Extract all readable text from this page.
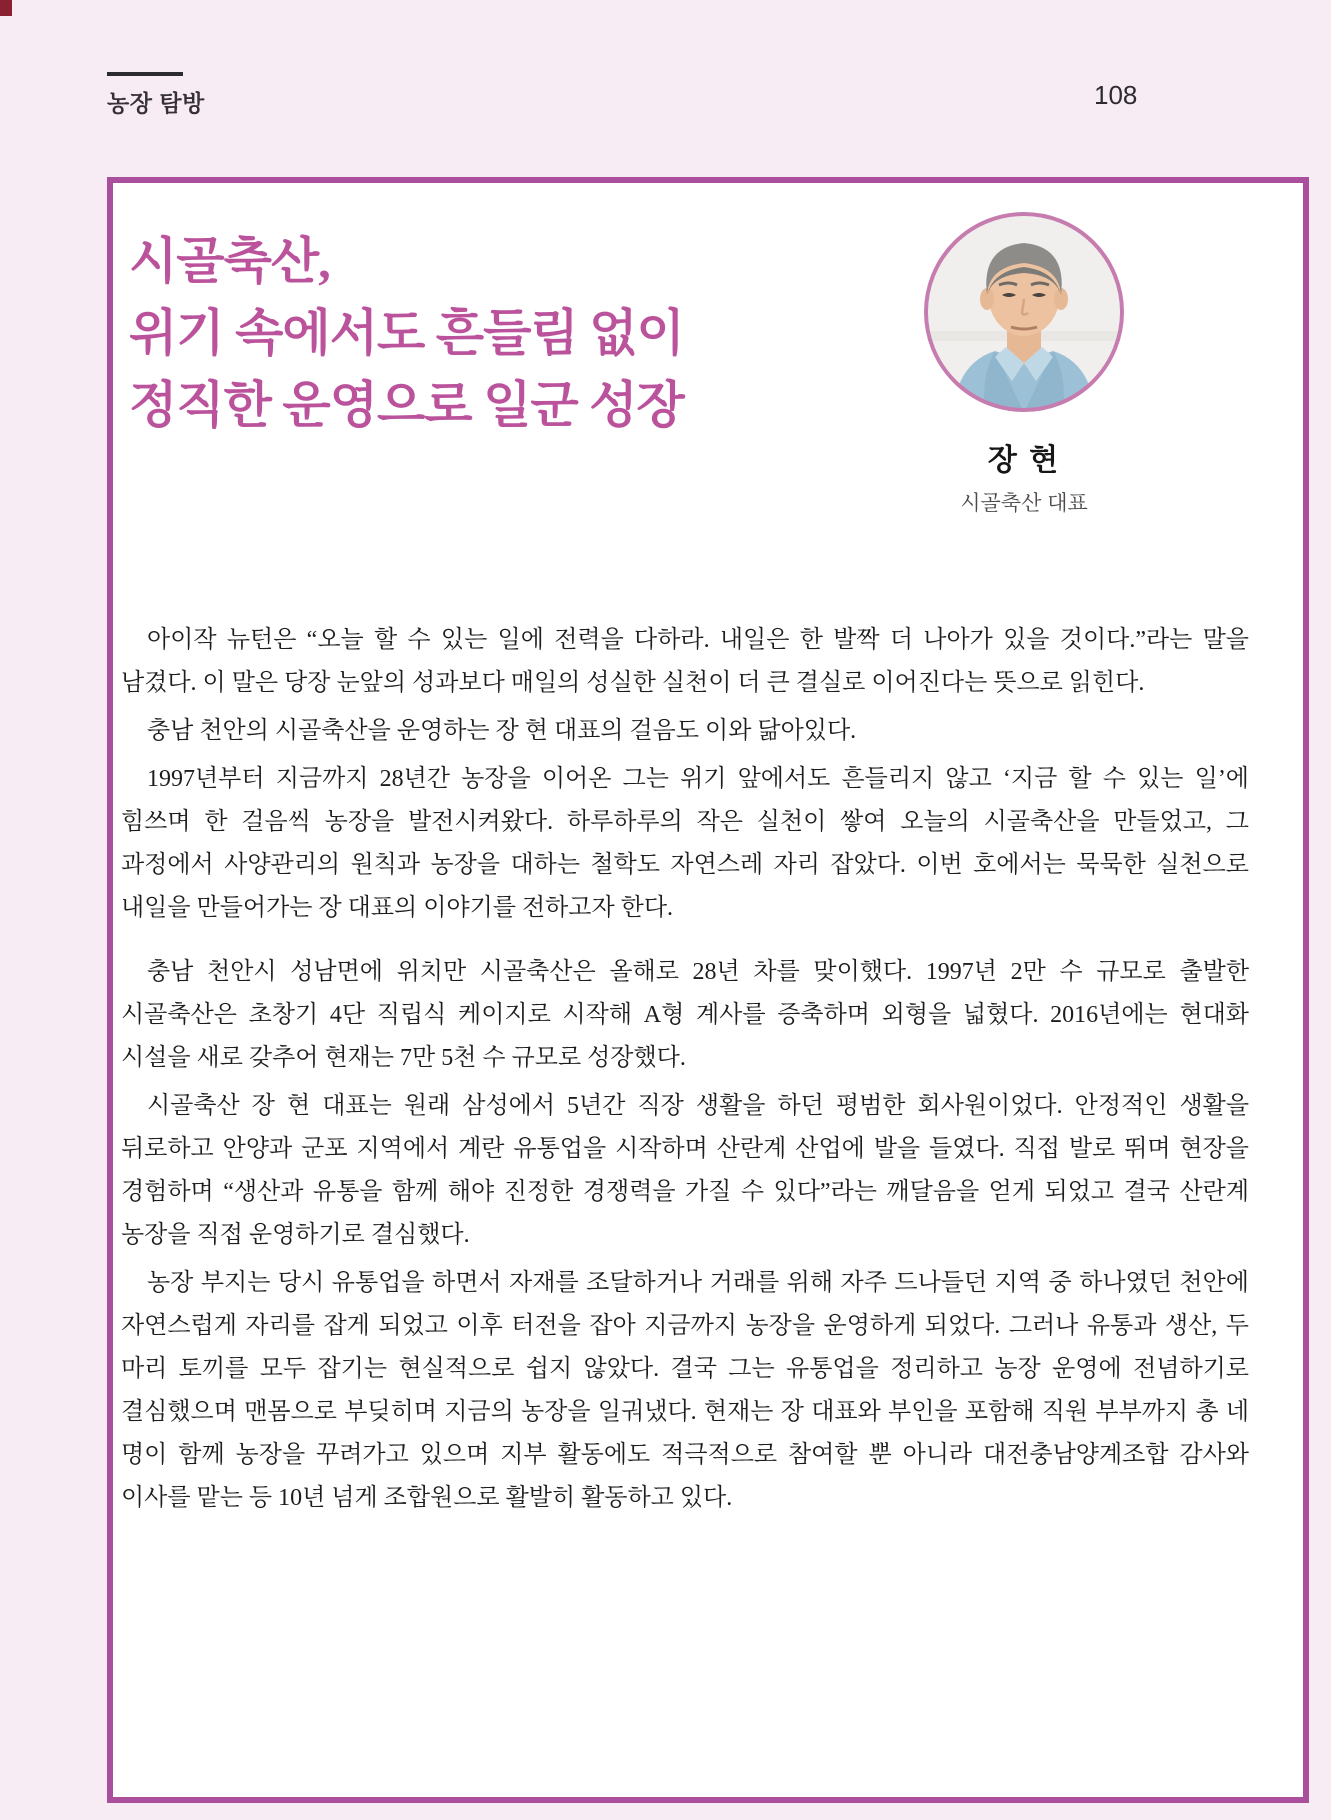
농장 탐방	108
시골축산,
위기 속에서도 흔들림 없이
정직한 운영으로 일군 성장
장 현
시골축산 대표

아이작 뉴턴은 “오늘 할 수 있는 일에 전력을 다하라. 내일은 한 발짝 더 나아가 있을 것이다.”라는 말을 남겼다. 이 말은 당장 눈앞의 성과보다 매일의 성실한 실천이 더 큰 결실로 이어진다는 뜻으로 읽힌다.

충남 천안의 시골축산을 운영하는 장 현 대표의 걸음도 이와 닮아있다.

1997년부터 지금까지 28년간 농장을 이어온 그는 위기 앞에서도 흔들리지 않고 ‘지금 할 수 있는 일’에 힘쓰며 한 걸음씩 농장을 발전시켜왔다. 하루하루의 작은 실천이 쌓여 오늘의 시골축산을 만들었고, 그 과정에서 사양관리의 원칙과 농장을 대하는 철학도 자연스레 자리 잡았다. 이번 호에서는 묵묵한 실천으로 내일을 만들어가는 장 대표의 이야기를 전하고자 한다.

충남 천안시 성남면에 위치만 시골축산은 올해로 28년 차를 맞이했다. 1997년 2만 수 규모로 출발한 시골축산은 초창기 4단 직립식 케이지로 시작해 A형 계사를 증축하며 외형을 넓혔다. 2016년에는 현대화 시설을 새로 갖추어 현재는 7만 5천 수 규모로 성장했다.

시골축산 장 현 대표는 원래 삼성에서 5년간 직장 생활을 하던 평범한 회사원이었다. 안정적인 생활을 뒤로하고 안양과 군포 지역에서 계란 유통업을 시작하며 산란계 산업에 발을 들였다. 직접 발로 뛰며 현장을 경험하며 “생산과 유통을 함께 해야 진정한 경쟁력을 가질 수 있다”라는 깨달음을 얻게 되었고 결국 산란계 농장을 직접 운영하기로 결심했다.

농장 부지는 당시 유통업을 하면서 자재를 조달하거나 거래를 위해 자주 드나들던 지역 중 하나였던 천안에 자연스럽게 자리를 잡게 되었고 이후 터전을 잡아 지금까지 농장을 운영하게 되었다. 그러나 유통과 생산, 두 마리 토끼를 모두 잡기는 현실적으로 쉽지 않았다. 결국 그는 유통업을 정리하고 농장 운영에 전념하기로 결심했으며 맨몸으로 부딪히며 지금의 농장을 일궈냈다. 현재는 장 대표와 부인을 포함해 직원 부부까지 총 네 명이 함께 농장을 꾸려가고 있으며 지부 활동에도 적극적으로 참여할 뿐 아니라 대전충남양계조합 감사와 이사를 맡는 등 10년 넘게 조합원으로 활발히 활동하고 있다.
